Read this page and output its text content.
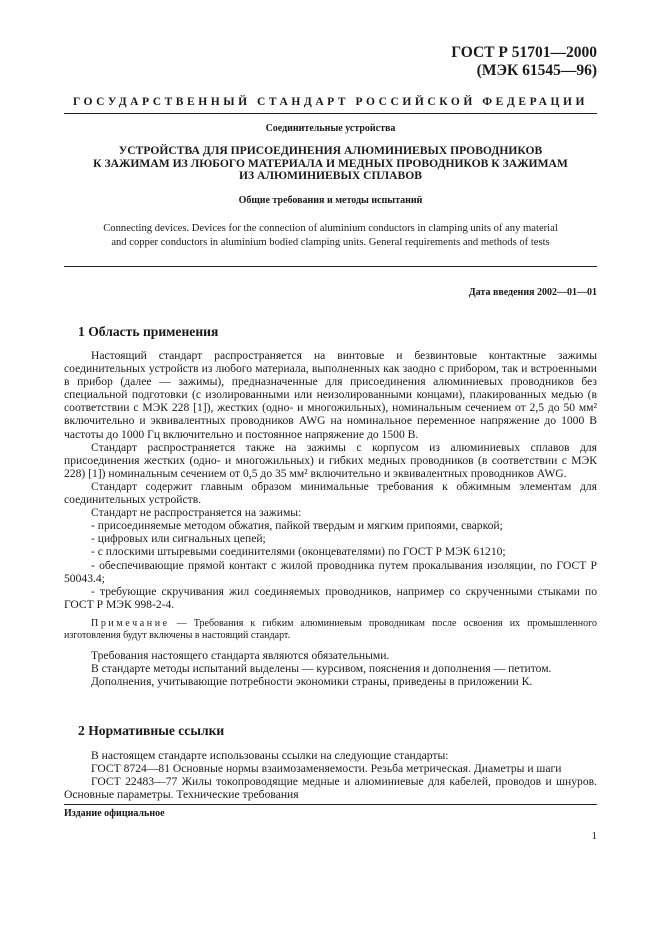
ГОСТ Р 51701—2000
(МЭК 61545—96)
ГОСУДАРСТВЕННЫЙ СТАНДАРТ РОССИЙСКОЙ ФЕДЕРАЦИИ
Соединительные устройства
УСТРОЙСТВА ДЛЯ ПРИСОЕДИНЕНИЯ АЛЮМИНИЕВЫХ ПРОВОДНИКОВ
К ЗАЖИМАМ ИЗ ЛЮБОГО МАТЕРИАЛА И МЕДНЫХ ПРОВОДНИКОВ К ЗАЖИМАМ
ИЗ АЛЮМИНИЕВЫХ СПЛАВОВ
Общие требования и методы испытаний
Connecting devices. Devices for the connection of aluminium conductors in clamping units of any material
and copper conductors in aluminium bodied clamping units. General requirements and methods of tests
Дата введения 2002—01—01
1 Область применения

Настоящий стандарт распространяется на винтовые и безвинтовые контактные зажимы соединительных устройств из любого материала, выполненных как заодно с прибором, так и встроенными в прибор (далее — зажимы), предназначенные для присоединения алюминиевых проводников без специальной подготовки (с изолированными или неизолированными концами), плакированных медью (в соответствии с МЭК 228 [1]), жестких (одно- и многожильных), номинальным сечением от 2,5 до 50 мм² включительно и эквивалентных проводников AWG на номинальное переменное напряжение до 1000 В частоты до 1000 Гц включительно и постоянное напряжение до 1500 В.

Стандарт распространяется также на зажимы с корпусом из алюминиевых сплавов для присоединения жестких (одно- и многожильных) и гибких медных проводников (в соответствии с МЭК 228) [1]) номинальным сечением от 0,5 до 35 мм² включительно и эквивалентных проводников AWG.

Стандарт содержит главным образом минимальные требования к обжимным элементам для соединительных устройств.

Стандарт не распространяется на зажимы:

- присоединяемые методом обжатия, пайкой твердым и мягким припоями, сваркой;

- цифровых или сигнальных цепей;

- с плоскими штыревыми соединителями (оконцевателями) по ГОСТ Р МЭК 61210;

- обеспечивающие прямой контакт с жилой проводника путем прокалывания изоляции, по ГОСТ Р 50043.4;

- требующие скручивания жил соединяемых проводников, например со скрученными стыками по ГОСТ Р МЭК 998-2-4.

Примечание — Требования к гибким алюминиевым проводникам после освоения их промышленного изготовления будут включены в настоящий стандарт.

Требования настоящего стандарта являются обязательными.

В стандарте методы испытаний выделены — курсивом, пояснения и дополнения — петитом.

Дополнения, учитывающие потребности экономики страны, приведены в приложении К.

2 Нормативные ссылки

В настоящем стандарте использованы ссылки на следующие стандарты:

ГОСТ 8724—81 Основные нормы взаимозаменяемости. Резьба метрическая. Диаметры и шаги

ГОСТ 22483—77 Жилы токопроводящие медные и алюминиевые для кабелей, проводов и шнуров. Основные параметры. Технические требования

Издание официальное
1
